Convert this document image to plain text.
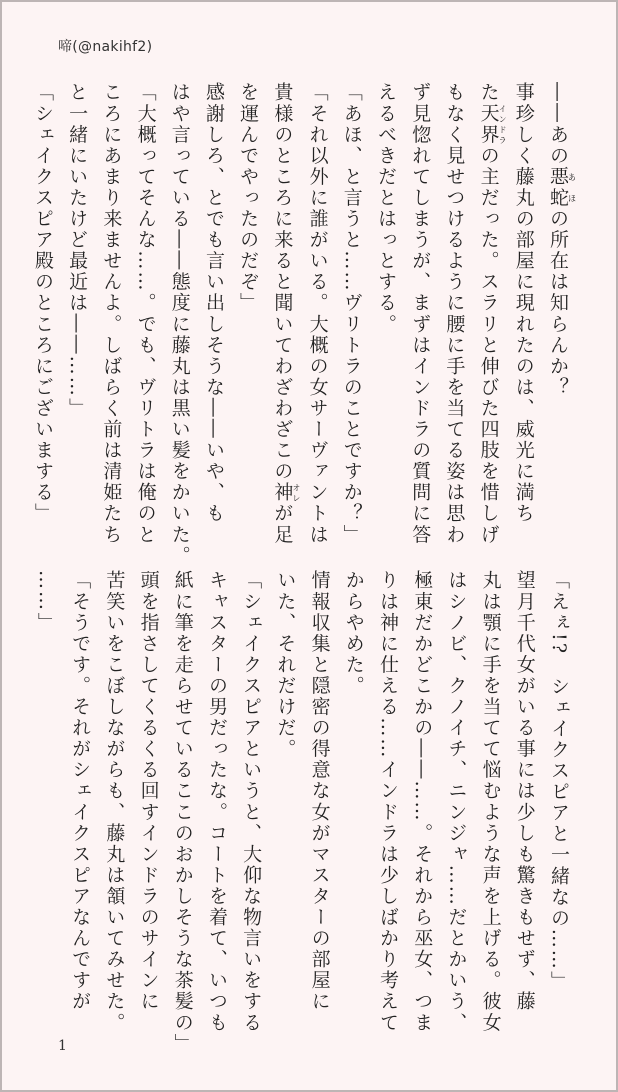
啼(@nakihf2)
――あの悪蛇あほの所在は知らんか？
事珍しく藤丸の部屋に現れたのは、威光に満ち
た天界インドラの主だった。スラリと伸びた四肢を惜しげ
もなく見せつけるように腰に手を当てる姿は思わ
ず見惚れてしまうが、まずはインドラの質問に答
えるべきだとはっとする。
「あほ、と言うと……ヴリトラのことですか？」
「それ以外に誰がいる。大概の女サーヴァントは
貴様のところに来ると聞いてわざわざこの神オレが足
を運んでやったのだぞ」
感謝しろ、とでも言い出しそうな――いや、も
はや言っている――態度に藤丸は黒い髪をかいた。
「大概ってそんな……。でも、ヴリトラは俺のと
ころにあまり来ませんよ。しばらく前は清姫たち
と一緒にいたけど最近は――……」
「シェイクスピア殿のところにございまする」
「えぇ!?　シェイクスピアと一緒なの……」
望月千代女がいる事には少しも驚きもせず、藤
丸は顎に手を当てて悩むような声を上げる。彼女
はシノビ、クノイチ、ニンジャ……だとかいう、
極東だかどこかの――……。それから巫女、つま
りは神に仕える……インドラは少しばかり考えて
からやめた。
情報収集と隠密の得意な女がマスターの部屋に
いた、それだけだ。
「シェイクスピアというと、大仰な物言いをする
キャスターの男だったな。コートを着て、いつも
紙に筆を走らせているここのおかしそうな茶髪の」
頭を指さしてくるくる回すインドラのサインに
苦笑いをこぼしながらも、藤丸は頷いてみせた。
「そうです。それがシェイクスピアなんですが
……」
1
